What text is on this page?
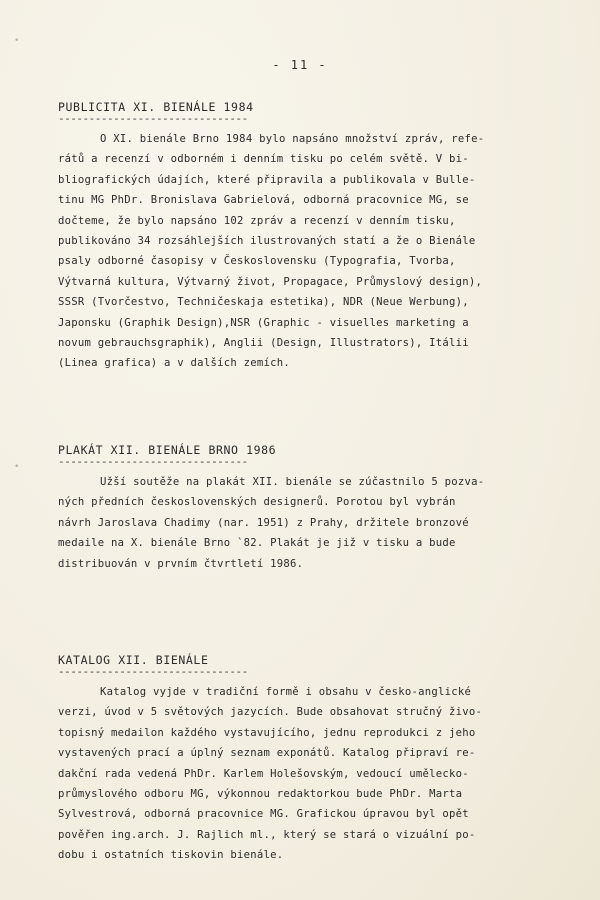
•
•
- 11 -
PUBLICITA XI. BIENÁLE 1984
-------------------------------
O XI. bienále Brno 1984 bylo napsáno množství zpráv, refe-
rátů a recenzí v odborném i denním tisku po celém světě. V bi-
bliografických údajích, které připravila a publikovala v Bulle-
tinu MG PhDr. Bronislava Gabrielová, odborná pracovnice MG, se
dočteme, že bylo napsáno 102 zpráv a recenzí v denním tisku,
publikováno 34 rozsáhlejších ilustrovaných statí a že o Bienále
psaly odborné časopisy v Československu (Typografia, Tvorba,
Výtvarná kultura, Výtvarný život, Propagace, Průmyslový design),
SSSR (Tvorčestvo, Techničeskaja estetika), NDR (Neue Werbung),
Japonsku (Graphik Design),NSR (Graphic - visuelles marketing a
novum gebrauchsgraphik), Anglii (Design, Illustrators), Itálii
(Linea grafica) a v dalších zemích.
PLAKÁT XII. BIENÁLE BRNO 1986
-------------------------------
Užší soutěže na plakát XII. bienále se zúčastnilo 5 pozva-
ných předních československých designerů. Porotou byl vybrán
návrh Jaroslava Chadimy (nar. 1951) z Prahy, držitele bronzové
medaile na X. bienále Brno `82. Plakát je již v tisku a bude
distribuován v prvním čtvrtletí 1986.
KATALOG XII. BIENÁLE
-------------------------------
Katalog vyjde v tradiční formě i obsahu v česko-anglické
verzi, úvod v 5 světových jazycích. Bude obsahovat stručný živo-
topisný medailon každého vystavujícího, jednu reprodukci z jeho
vystavených prací a úplný seznam exponátů. Katalog připraví re-
dakční rada vedená PhDr. Karlem Holešovským, vedoucí umělecko-
průmyslového odboru MG, výkonnou redaktorkou bude PhDr. Marta
Sylvestrová, odborná pracovnice MG. Grafickou úpravou byl opět
pověřen ing.arch. J. Rajlich ml., který se stará o vizuální po-
dobu i ostatních tiskovin bienále.
